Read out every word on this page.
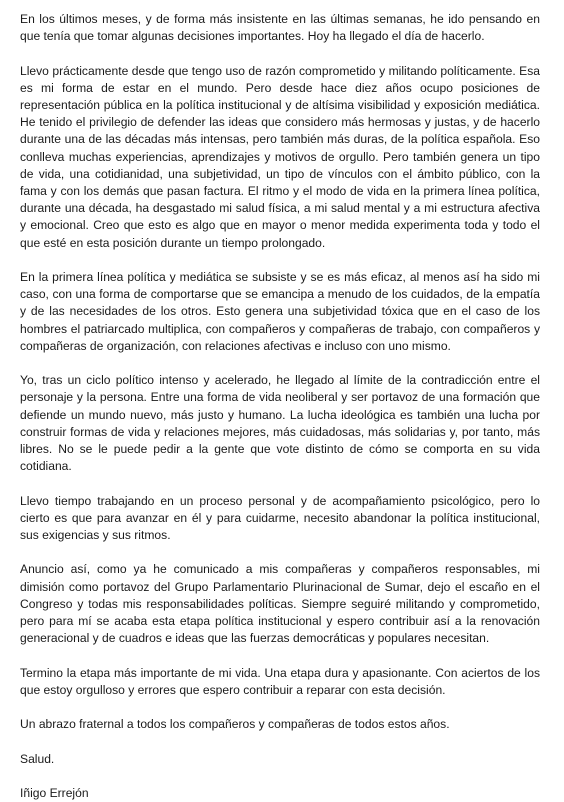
En los últimos meses, y de forma más insistente en las últimas semanas, he ido pensando en que tenía que tomar algunas decisiones importantes. Hoy ha llegado el día de hacerlo.

Llevo prácticamente desde que tengo uso de razón comprometido y militando políticamente. Esa es mi forma de estar en el mundo. Pero desde hace diez años ocupo posiciones de representación pública en la política institucional y de altísima visibilidad y exposición mediática. He tenido el privilegio de defender las ideas que considero más hermosas y justas, y de hacerlo durante una de las décadas más intensas, pero también más duras, de la política española. Eso conlleva muchas experiencias, aprendizajes y motivos de orgullo. Pero también genera un tipo de vida, una cotidianidad, una subjetividad, un tipo de vínculos con el ámbito público, con la fama y con los demás que pasan factura. El ritmo y el modo de vida en la primera línea política, durante una década, ha desgastado mi salud física, a mi salud mental y a mi estructura afectiva y emocional. Creo que esto es algo que en mayor o menor medida experimenta toda y todo el que esté en esta posición durante un tiempo prolongado.

En la primera línea política y mediática se subsiste y se es más eficaz, al menos así ha sido mi caso, con una forma de comportarse que se emancipa a menudo de los cuidados, de la empatía y de las necesidades de los otros. Esto genera una subjetividad tóxica que en el caso de los hombres el patriarcado multiplica, con compañeros y compañeras de trabajo, con compañeros y compañeras de organización, con relaciones afectivas e incluso con uno mismo.

Yo, tras un ciclo político intenso y acelerado, he llegado al límite de la contradicción entre el personaje y la persona. Entre una forma de vida neoliberal y ser portavoz de una formación que defiende un mundo nuevo, más justo y humano. La lucha ideológica es también una lucha por construir formas de vida y relaciones mejores, más cuidadosas, más solidarias y, por tanto, más libres. No se le puede pedir a la gente que vote distinto de cómo se comporta en su vida cotidiana.

Llevo tiempo trabajando en un proceso personal y de acompañamiento psicológico, pero lo cierto es que para avanzar en él y para cuidarme, necesito abandonar la política institucional, sus exigencias y sus ritmos.

Anuncio así, como ya he comunicado a mis compañeras y compañeros responsables, mi dimisión como portavoz del Grupo Parlamentario Plurinacional de Sumar, dejo el escaño en el Congreso y todas mis responsabilidades políticas. Siempre seguiré militando y comprometido, pero para mí se acaba esta etapa política institucional y espero contribuir así a la renovación generacional y de cuadros e ideas que las fuerzas democráticas y populares necesitan.

Termino la etapa más importante de mi vida. Una etapa dura y apasionante. Con aciertos de los que estoy orgulloso y errores que espero contribuir a reparar con esta decisión.

Un abrazo fraternal a todos los compañeros y compañeras de todos estos años.

Salud.

Iñigo Errejón
